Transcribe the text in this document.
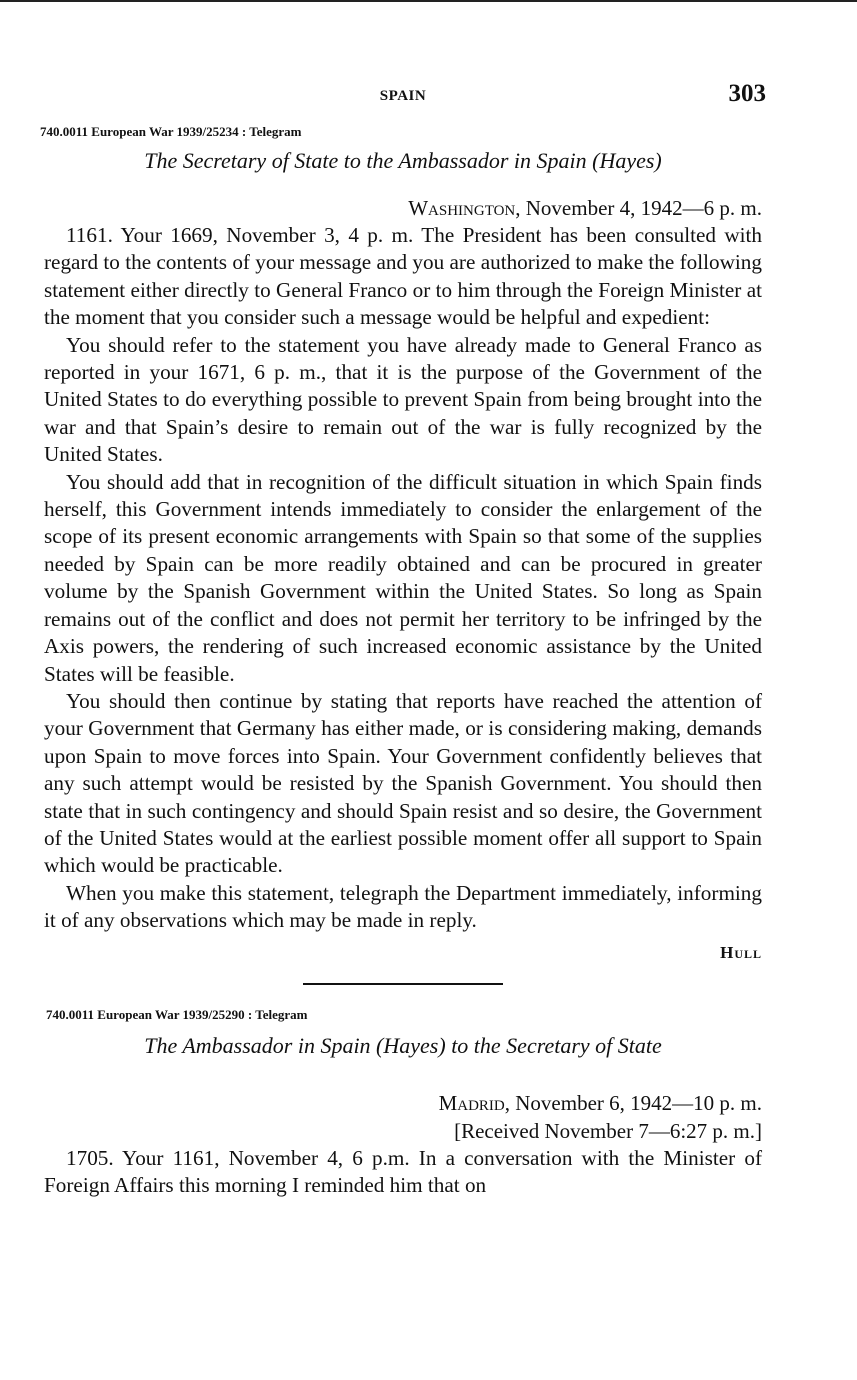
SPAIN	303
740.0011 European War 1939/25234 : Telegram
The Secretary of State to the Ambassador in Spain (Hayes)
Washington, November 4, 1942—6 p. m.

1161. Your 1669, November 3, 4 p. m. The President has been consulted with regard to the contents of your message and you are authorized to make the following statement either directly to General Franco or to him through the Foreign Minister at the moment that you consider such a message would be helpful and expedient:

You should refer to the statement you have already made to General Franco as reported in your 1671, 6 p. m., that it is the purpose of the Government of the United States to do everything possible to prevent Spain from being brought into the war and that Spain’s desire to remain out of the war is fully recognized by the United States.

You should add that in recognition of the difficult situation in which Spain finds herself, this Government intends immediately to consider the enlargement of the scope of its present economic arrangements with Spain so that some of the supplies needed by Spain can be more readily obtained and can be procured in greater volume by the Spanish Government within the United States. So long as Spain remains out of the conflict and does not permit her territory to be infringed by the Axis powers, the rendering of such increased economic assistance by the United States will be feasible.

You should then continue by stating that reports have reached the attention of your Government that Germany has either made, or is considering making, demands upon Spain to move forces into Spain. Your Government confidently believes that any such attempt would be resisted by the Spanish Government. You should then state that in such contingency and should Spain resist and so desire, the Government of the United States would at the earliest possible moment offer all support to Spain which would be practicable.

When you make this statement, telegraph the Department immediately, informing it of any observations which may be made in reply.

Hull
740.0011 European War 1939/25290 : Telegram
The Ambassador in Spain (Hayes) to the Secretary of State
Madrid, November 6, 1942—10 p. m.
[Received November 7—6:27 p. m.]

1705. Your 1161, November 4, 6 p.m. In a conversation with the Minister of Foreign Affairs this morning I reminded him that on
